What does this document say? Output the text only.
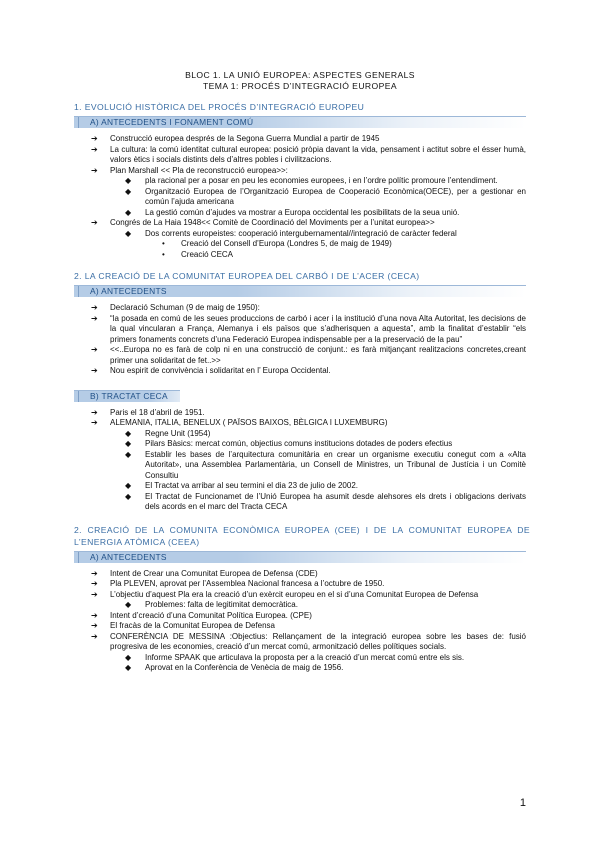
BLOC 1. LA UNIÓ EUROPEA: ASPECTES GENERALS
TEMA 1: PROCÉS D’INTEGRACIÓ EUROPEA
1. EVOLUCIÓ HISTÒRICA DEL PROCÉS D’INTEGRACIÓ EUROPEU
A) ANTECEDENTS I FONAMENT COMÚ
➔ Construcció europea després de la Segona Guerra Mundial a partir de 1945
➔ La cultura: la comú identitat cultural europea: posició pròpia davant la vida, pensament i actitut sobre el ésser humà, valors ètics i socials distints dels d’altres pobles i civilitzacions.
➔ Plan Marshall << Pla de reconstrucció europea>>:
◆ pla racional per a posar en peu les economies europees, i en l’ordre polític promoure l’entendiment.
◆ Organització Europea de l’Organització Europea de Cooperació Econòmica(OECE), per a gestionar en común l’ajuda americana
◆ La gestió común d’ajudes va mostrar a Europa occidental les posibilitats de la seua unió.
➔ Congrés de La Haia 1948<< Comitè de Coordinació del Moviments per a l’unitat europea>>
◆ Dos corrents europeistes: cooperació intergubernamental//integració de caràcter federal
• Creació del Consell d’Europa (Londres 5, de maig de 1949)
• Creació CECA
2. LA CREACIÓ DE LA COMUNITAT EUROPEA DEL CARBÓ I DE L’ACER (CECA)
A) ANTECEDENTS
➔ Declaració Schuman (9 de maig de 1950):
➔ “la posada en comú de les seues produccions de carbó i acer i la institució d’una nova Alta Autoritat, les decisions de la qual vincularan a França, Alemanya i els països que s’adherisquen a aquesta”, amb la finalitat d’establir “els primers fonaments concrets d’una Federació Europea indispensable per a la preservació de la pau”
➔ <<..Europa no es farà de colp ni en una construcció de conjunt.: es farà mitjançant realitzacions concretes,creant primer una solidaritat de fet..>>
➔ Nou espirit de convivència i solidaritat en l’ Europa Occidental.
B) TRACTAT CECA
➔ Paris el 18 d’abril de 1951.
➔ ALEMANIA, ITALIA, BENELUX ( PAÏSOS BAIXOS, BÈLGICA I LUXEMBURG)
◆ Regne Unit (1954)
◆ Pilars Bàsics: mercat común, objectius comuns institucions dotades de poders efectius
◆ Establir les bases de l’arquitectura comunitària en crear un organisme executiu conegut com a «Alta Autoritat», una Assemblea Parlamentària, un Consell de Ministres, un Tribunal de Justícia i un Comitè Consultiu
◆ El Tractat va arribar al seu termini el dia 23 de julio de 2002.
◆ El Tractat de Funcionamet de l’Unió Europea ha asumit desde alehsores els drets i obligacions derivats dels acords en el marc del Tracta CECA
2. CREACIÓ DE LA COMUNITA ECONÒMICA EUROPEA (CEE) I DE LA COMUNITAT EUROPEA DE L’ENERGIA ATÒMICA (CEEA)
A) ANTECEDENTS
➔ Intent de Crear una Comunitat Europea de Defensa (CDE)
➔ Pla PLEVEN, aprovat per l’Assemblea Nacional francesa a l’octubre de 1950.
➔ L’objectiu d’aquest Pla era la creació d’un exèrcit europeu en el si d’una Comunitat Europea de Defensa
◆ Problemes: falta de legitimitat democràtica.
➔ Intent d’creació d’una Comunitat Política Europea. (CPE)
➔ El fracàs de la Comunitat Europea de Defensa
➔ CONFERÈNCIA DE MESSINA :Objectius: Rellançament de la integració europea sobre les bases de: fusió progresiva de les economies, creació d’un mercat comú, armonització delles polítiques socials.
◆ Informe SPAAK que articulava la proposta per a la creació d’un mercat comú entre els sis.
◆ Aprovat en la Conferència de Venècia de maig de 1956.
1
